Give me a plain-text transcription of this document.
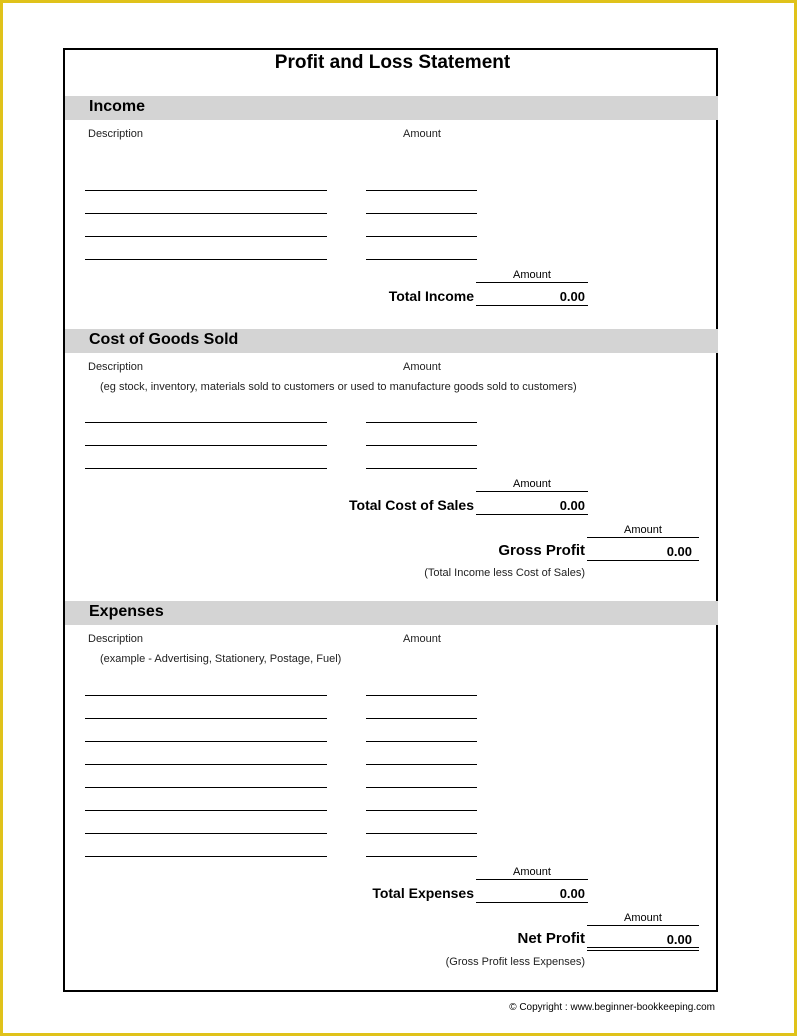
Profit and Loss Statement
Income
Description	Amount
Amount
Total Income	0.00
Cost of Goods Sold
Description	Amount
(eg stock, inventory, materials sold to customers or used to manufacture goods sold to customers)
Amount
Total Cost of Sales	0.00
Amount
Gross Profit	0.00
(Total Income less Cost of Sales)
Expenses
Description	Amount
(example - Advertising, Stationery, Postage, Fuel)
Amount
Total Expenses	0.00
Amount
Net Profit	0.00
(Gross Profit less Expenses)
© Copyright : www.beginner-bookkeeping.com
